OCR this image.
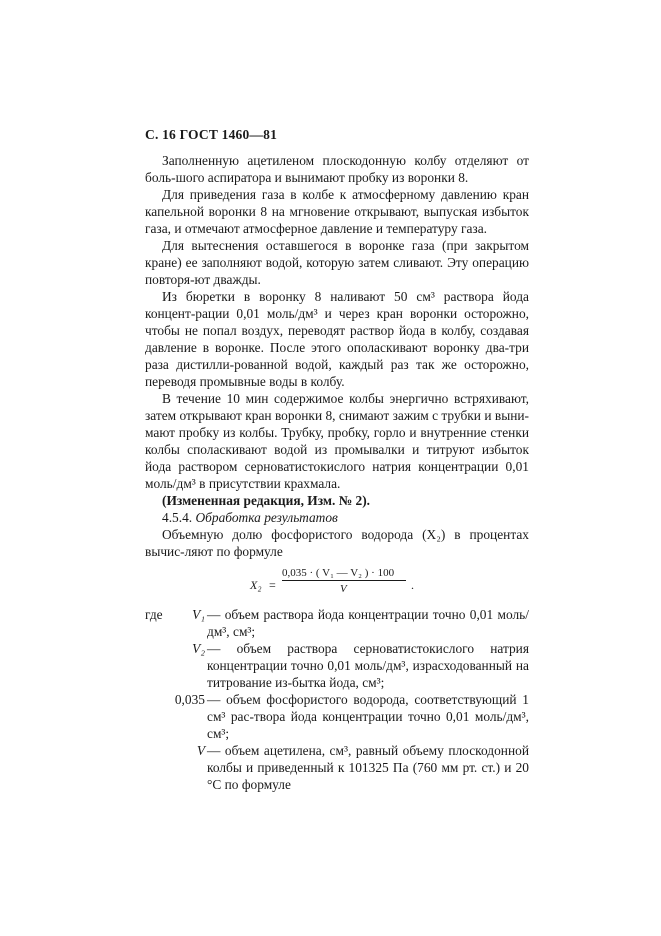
С. 16 ГОСТ 1460—81

Заполненную ацетиленом плоскодонную колбу отделяют от боль-шого аспиратора и вынимают пробку из воронки 8.

Для приведения газа в колбе к атмосферному давлению кран капельной воронки 8 на мгновение открывают, выпуская избыток газа, и отмечают атмосферное давление и температуру газа.

Для вытеснения оставшегося в воронке газа (при закрытом кране) ее заполняют водой, которую затем сливают. Эту операцию повторя-ют дважды.

Из бюретки в воронку 8 наливают 50 см³ раствора йода концент-рации 0,01 моль/дм³ и через кран воронки осторожно, чтобы не попал воздух, переводят раствор йода в колбу, создавая давление в воронке. После этого ополаскивают воронку два-три раза дистилли-рованной водой, каждый раз так же осторожно, переводя промывные воды в колбу.

В течение 10 мин содержимое колбы энергично встряхивают, затем открывают кран воронки 8, снимают зажим с трубки и выни-мают пробку из колбы. Трубку, пробку, горло и внутренние стенки колбы споласкивают водой из промывалки и титруют избыток йода раствором серноватистокислого натрия концентрации 0,01 моль/дм³ в присутствии крахмала.

(Измененная редакция, Изм. № 2).

4.5.4. Обработка результатов

Объемную долю фосфористого водорода (X₂) в процентах вычис-ляют по формуле

X₂ =
0,035 · ( V₁ — V₂ ) · 100
V	.
где V₁ — объем раствора йода концентрации точно 0,01 моль/дм³, см³;
V₂ — объем раствора серноватистокислого натрия концентрации точно 0,01 моль/дм³, израсходованный на титрование из-бытка йода, см³;
0,035 — объем фосфористого водорода, соответствующий 1 см³ рас-твора йода концентрации точно 0,01 моль/дм³, см³;
V — объем ацетилена, см³, равный объему плоскодонной колбы и приведенный к 101325 Па (760 мм рт. ст.) и 20 °С по формуле
